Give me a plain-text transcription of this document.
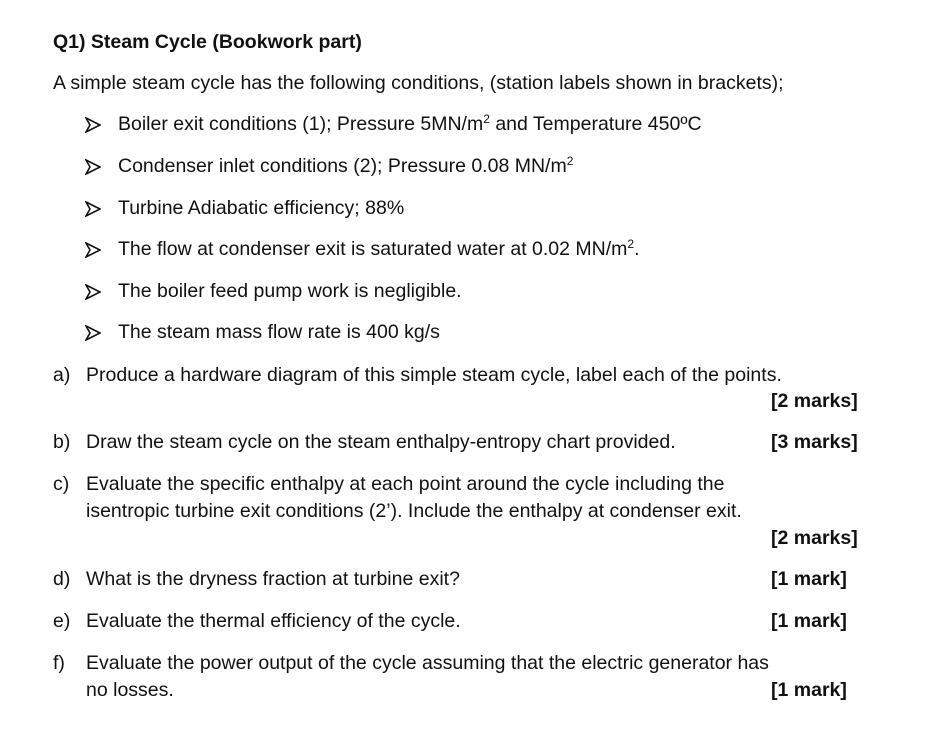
Q1) Steam Cycle (Bookwork part)
A simple steam cycle has the following conditions, (station labels shown in brackets);
Boiler exit conditions (1); Pressure $5MN/m^2$ and Temperature 450ºC
Condenser inlet conditions (2); Pressure 0.08 $MN/m^2$
Turbine Adiabatic efficiency; 88%
The flow at condenser exit is saturated water at 0.02 $MN/m^2$.
The boiler feed pump work is negligible.
The steam mass flow rate is 400 kg/s
a) Produce a hardware diagram of this simple steam cycle, label each of the points.
[2 marks]
b) Draw the steam cycle on the steam enthalpy-entropy chart provided.	[3 marks]
c) Evaluate the specific enthalpy at each point around the cycle including the
isentropic turbine exit conditions (2’). Include the enthalpy at condenser exit.
[2 marks]
d) What is the dryness fraction at turbine exit?	[1 mark]
e) Evaluate the thermal efficiency of the cycle.	[1 mark]
f) Evaluate the power output of the cycle assuming that the electric generator has
no losses.	[1 mark]
